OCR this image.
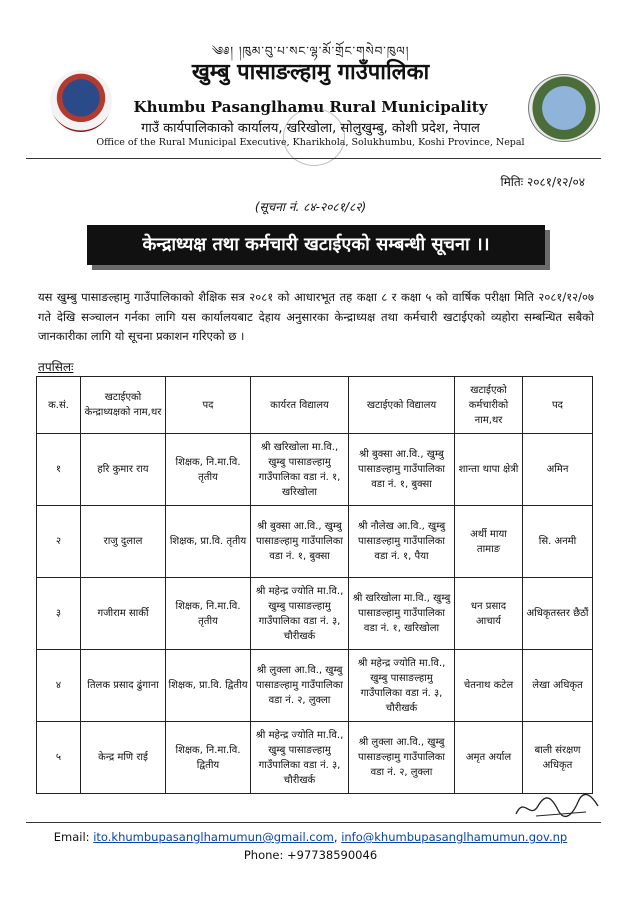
༄༅། །ཁུམ་བུ་པ་སང་ལྷ་མོ་གྲོང་གསེབ་ཁུལ།
खुम्बु पासाङल्हामु गाउँपालिका
Khumbu Pasanglhamu Rural Municipality
गाउँ कार्यपालिकाको कार्यालय, खरिखोला, सोलुखुम्बु, कोशी प्रदेश, नेपाल
Office of the Rural Municipal Executive, Kharikhola, Solukhumbu, Koshi Province, Nepal
मितिः २०८१/१२/०४
(सूचना नं. ८४-२०८१/८२)
केन्द्राध्यक्ष तथा कर्मचारी खटाईएको सम्बन्धी सूचना ।।
यस खुम्बु पासाङल्हामु गाउँपालिकाको शैक्षिक सत्र २०८१ को आधारभूत तह कक्षा ८ र कक्षा ५ को वार्षिक परीक्षा मिति २०८१/१२/०७ गते देखि सञ्चालन गर्नका लागि यस कार्यालयबाट देहाय अनुसारका केन्द्राध्यक्ष तथा कर्मचारी खटाईएको व्यहोरा सम्बन्धित सबैको जानकारीका लागि यो सूचना प्रकाशन गरिएको छ ।
तपसिलः
क.सं.	खटाईएको केन्द्राध्यक्षको नाम,थर	पद	कार्यरत विद्यालय	खटाईएको विद्यालय	खटाईएको कर्मचारीको नाम,थर	पद
१	हरि कुमार राय	शिक्षक, नि.मा.वि. तृतीय	श्री खरिखोला मा.वि., खुम्बु पासाङल्हामु गाउँपालिका वडा नं. १, खरिखोला	श्री बुक्सा आ.वि., खुम्बु पासाङल्हामु गाउँपालिका वडा नं. १, बुक्सा	शान्ता थापा क्षेत्री	अमिन
२	राजु दुलाल	शिक्षक, प्रा.वि. तृतीय	श्री बुक्सा आ.वि., खुम्बु पासाङल्हामु गाउँपालिका वडा नं. १, बुक्सा	श्री नौलेख आ.वि., खुम्बु पासाङल्हामु गाउँपालिका वडा नं. १, पैया	अर्थी माया तामाङ	सि. अनमी
३	गजीराम सार्की	शिक्षक, नि.मा.वि. तृतीय	श्री महेन्द्र ज्योति मा.वि., खुम्बु पासाङल्हामु गाउँपालिका वडा नं. ३, चौरीखर्क	श्री खरिखोला मा.वि., खुम्बु पासाङल्हामु गाउँपालिका वडा नं. १, खरिखोला	धन प्रसाद आचार्य	अधिकृतस्तर छैठौं
४	तिलक प्रसाद ढुंगाना	शिक्षक, प्रा.वि. द्वितीय	श्री लुक्ला आ.वि., खुम्बु पासाङल्हामु गाउँपालिका वडा नं. २, लुक्ला	श्री महेन्द्र ज्योति मा.वि., खुम्बु पासाङल्हामु गाउँपालिका वडा नं. ३, चौरीखर्क	चेतनाथ कटेल	लेखा अधिकृत
५	केन्द्र मणि राई	शिक्षक, नि.मा.वि. द्वितीय	श्री महेन्द्र ज्योति मा.वि., खुम्बु पासाङल्हामु गाउँपालिका वडा नं. ३, चौरीखर्क	श्री लुक्ला आ.वि., खुम्बु पासाङल्हामु गाउँपालिका वडा नं. २, लुक्ला	अमृत अर्याल	बाली संरक्षण अधिकृत
Email: ito.khumbupasanglhamumun@gmail.com, info@khumbupasanglhamumun.gov.np
Phone: +97738590046
